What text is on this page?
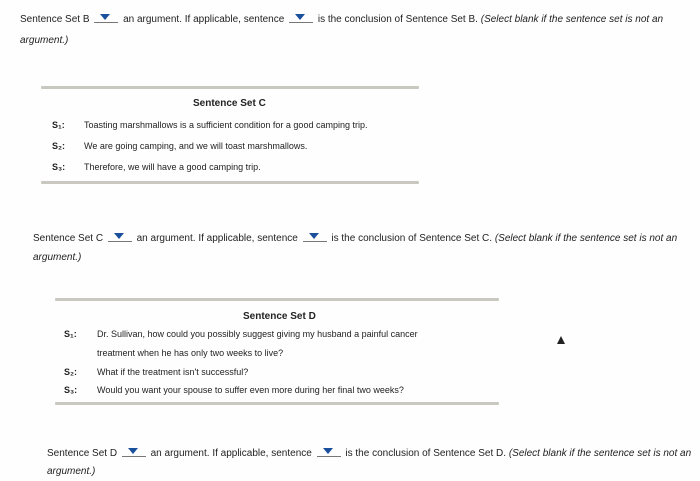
Sentence Set B	an argument. If applicable, sentence	is the conclusion of Sentence Set B. (Select blank if the sentence set is not an
argument.)
Sentence Set C
S₁: Toasting marshmallows is a sufficient condition for a good camping trip.
S₂: We are going camping, and we will toast marshmallows.
S₃: Therefore, we will have a good camping trip.
Sentence Set C	an argument. If applicable, sentence	is the conclusion of Sentence Set C. (Select blank if the sentence set is not an
argument.)
Sentence Set D
S₁: Dr. Sullivan, how could you possibly suggest giving my husband a painful cancer
treatment when he has only two weeks to live?
S₂: What if the treatment isn't successful?
S₃: Would you want your spouse to suffer even more during her final two weeks?
Sentence Set D	an argument. If applicable, sentence	is the conclusion of Sentence Set D. (Select blank if the sentence set is not an
argument.)
